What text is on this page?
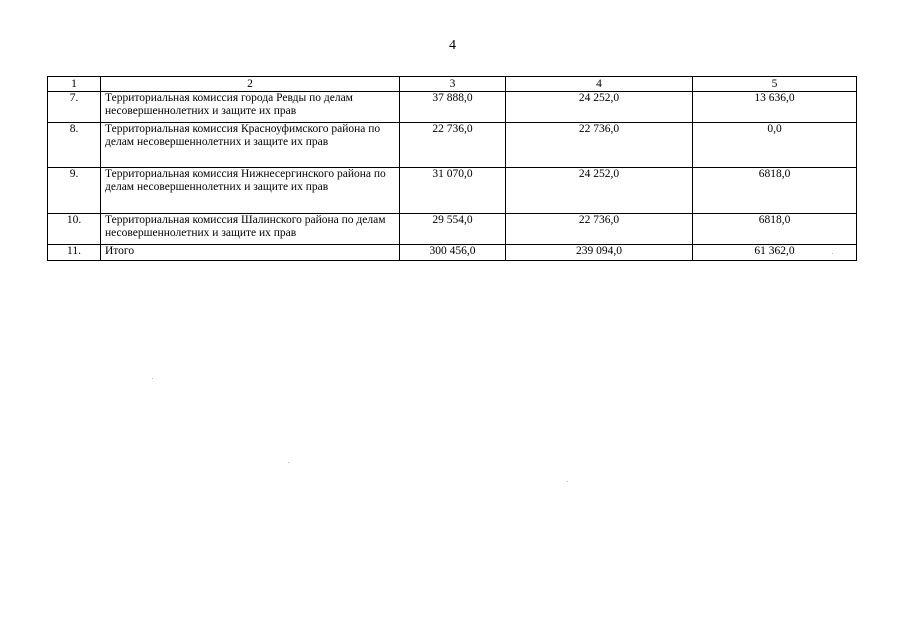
4
1	2	3	4	5
7.	Территориальная комиссия города Ревды по делам несовершеннолетних и защите их прав	37 888,0	24 252,0	13 636,0
8.	Территориальная комиссия Красноуфимского района по делам несовершеннолетних и защите их прав	22 736,0	22 736,0	0,0
9.	Территориальная комиссия Нижнесергинского района по делам несовершеннолетних и защите их прав	31 070,0	24 252,0	6818,0
10.	Территориальная комиссия Шалинского района по делам несовершеннолетних и защите их прав	29 554,0	22 736,0	6818,0
11.	Итого	300 456,0	239 094,0	61 362,0
